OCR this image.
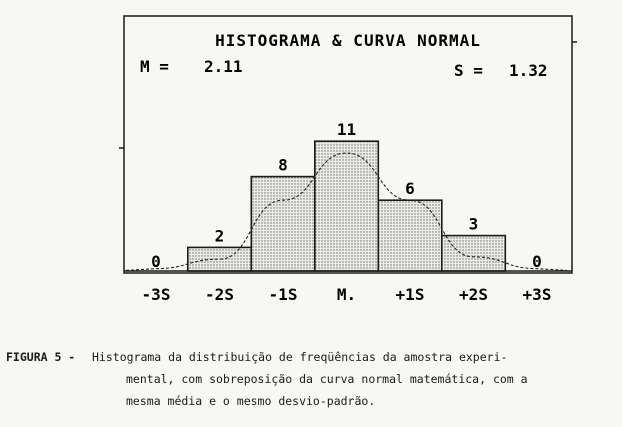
HISTOGRAMA & CURVA NORMAL
M = 2.11	S = 1.32
0
-3S
2
-2S
8
-1S
11
M.
6
+1S
3
+2S
0
+3S
FIGURA 5 - Histograma da distribuição de freqüências da amostra experi-
mental, com sobreposição da curva normal matemática, com a
mesma média e o mesmo desvio-padrão.
